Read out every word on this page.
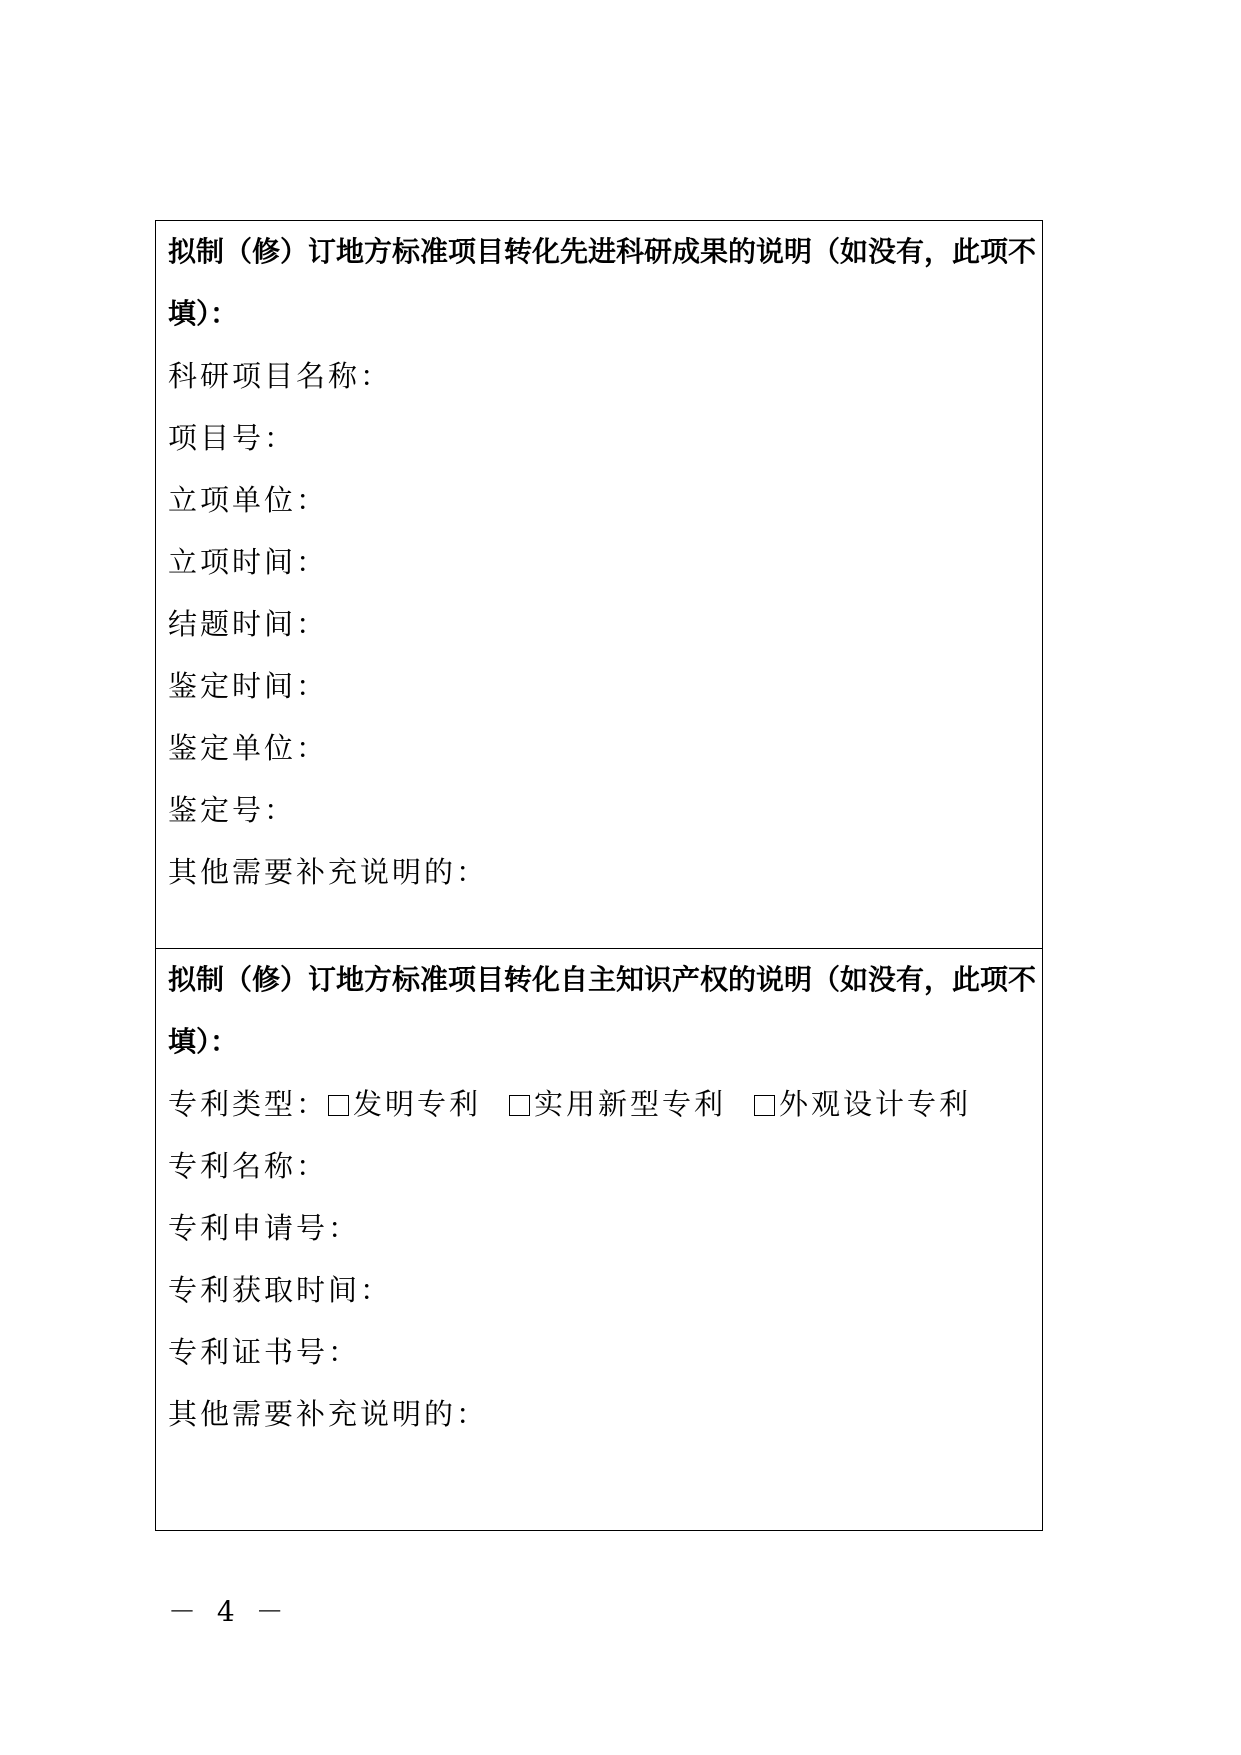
拟制（修）订地方标准项目转化先进科研成果的说明（如没有，此项不填）：
科研项目名称：
项目号：
立项单位：
立项时间：
结题时间：
鉴定时间：
鉴定单位：
鉴定号：
其他需要补充说明的：
拟制（修）订地方标准项目转化自主知识产权的说明（如没有，此项不填）：
专利类型： 发明专利 实用新型专利 外观设计专利
专利名称：
专利申请号：
专利获取时间：
专利证书号：
其他需要补充说明的：
－ 4 －
